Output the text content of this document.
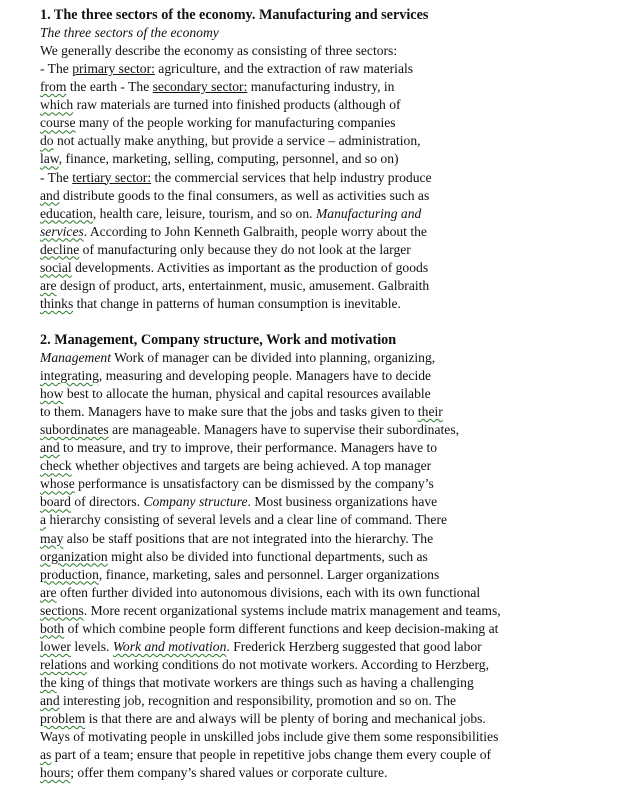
1. The three sectors of the economy. Manufacturing and services
The three sectors of the economy
We generally describe the economy as consisting of three sectors:
- The primary sector: agriculture, and the extraction of raw materials
from the earth - The secondary sector: manufacturing industry, in
which raw materials are turned into finished products (although of
course many of the people working for manufacturing companies
do not actually make anything, but provide a service – administration,
law, finance, marketing, selling, computing, personnel, and so on)
- The tertiary sector: the commercial services that help industry produce
and distribute goods to the final consumers, as well as activities such as
education, health care, leisure, tourism, and so on. Manufacturing and
services. According to John Kenneth Galbraith, people worry about the
decline of manufacturing only because they do not look at the larger
social developments. Activities as important as the production of goods
are design of product, arts, entertainment, music, amusement. Galbraith
thinks that change in patterns of human consumption is inevitable.
2. Management, Company structure, Work and motivation
Management Work of manager can be divided into planning, organizing,
integrating, measuring and developing people. Managers have to decide
how best to allocate the human, physical and capital resources available
to them. Managers have to make sure that the jobs and tasks given to their
subordinates are manageable. Managers have to supervise their subordinates,
and to measure, and try to improve, their performance. Managers have to
check whether objectives and targets are being achieved. A top manager
whose performance is unsatisfactory can be dismissed by the company’s
board of directors. Company structure. Most business organizations have
a hierarchy consisting of several levels and a clear line of command. There
may also be staff positions that are not integrated into the hierarchy. The
organization might also be divided into functional departments, such as
production, finance, marketing, sales and personnel. Larger organizations
are often further divided into autonomous divisions, each with its own functional
sections. More recent organizational systems include matrix management and teams,
both of which combine people form different functions and keep decision-making at
lower levels. Work and motivation. Frederick Herzberg suggested that good labor
relations and working conditions do not motivate workers. According to Herzberg,
the king of things that motivate workers are things such as having a challenging
and interesting job, recognition and responsibility, promotion and so on. The
problem is that there are and always will be plenty of boring and mechanical jobs.
Ways of motivating people in unskilled jobs include give them some responsibilities
as part of a team; ensure that people in repetitive jobs change them every couple of
hours; offer them company’s shared values or corporate culture.
